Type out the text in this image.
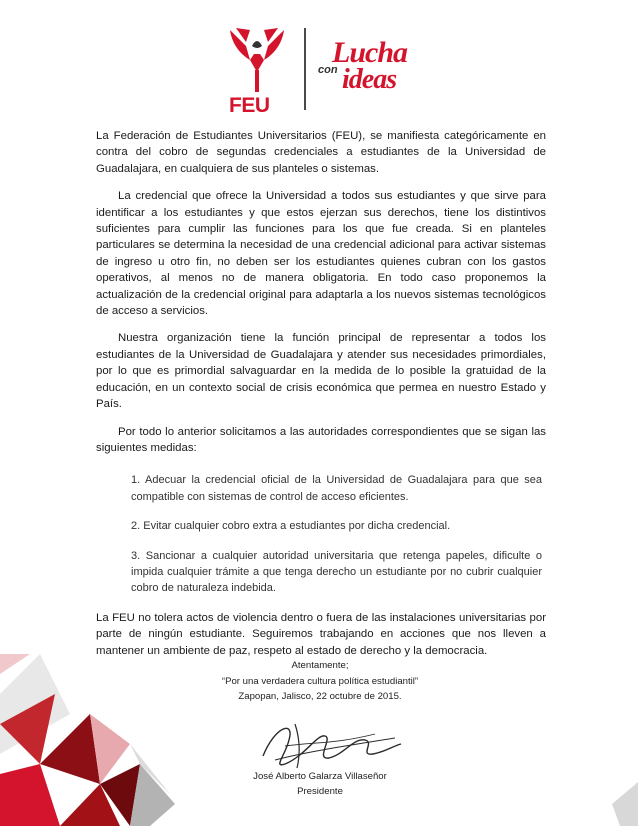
FEU
Lucha
con ideas

La Federación de Estudiantes Universitarios (FEU), se manifiesta categóricamente en contra del cobro de segundas credenciales a estudiantes de la Universidad de Guadalajara, en cualquiera de sus planteles o sistemas.

La credencial que ofrece la Universidad a todos sus estudiantes y que sirve para identificar a los estudiantes y que estos ejerzan sus derechos, tiene los distintivos suficientes para cumplir las funciones para los que fue creada. Si en planteles particulares se determina la necesidad de una credencial adicional para activar sistemas de ingreso u otro fin, no deben ser los estudiantes quienes cubran con los gastos operativos, al menos no de manera obligatoria. En todo caso proponemos la actualización de la credencial original para adaptarla a los nuevos sistemas tecnológicos de acceso a servicios.

Nuestra organización tiene la función principal de representar a todos los estudiantes de la Universidad de Guadalajara y atender sus necesidades primordiales, por lo que es primordial salvaguardar en la medida de lo posible la gratuidad de la educación, en un contexto social de crisis económica que permea en nuestro Estado y País.

Por todo lo anterior solicitamos a las autoridades correspondientes que se sigan las siguientes medidas:

1. Adecuar la credencial oficial de la Universidad de Guadalajara para que sea compatible con sistemas de control de acceso eficientes.
2. Evitar cualquier cobro extra a estudiantes por dicha credencial.
3. Sancionar a cualquier autoridad universitaria que retenga papeles, dificulte o impida cualquier trámite a que tenga derecho un estudiante por no cubrir cualquier cobro de naturaleza indebida.

La FEU no tolera actos de violencia dentro o fuera de las instalaciones universitarias por parte de ningún estudiante. Seguiremos trabajando en acciones que nos lleven a mantener un ambiente de paz, respeto al estado de derecho y la democracia.

Atentamente;
“Por una verdadera cultura política estudiantil”
Zapopan, Jalisco, 22 octubre de 2015.
José Alberto Galarza Villaseñor
Presidente
